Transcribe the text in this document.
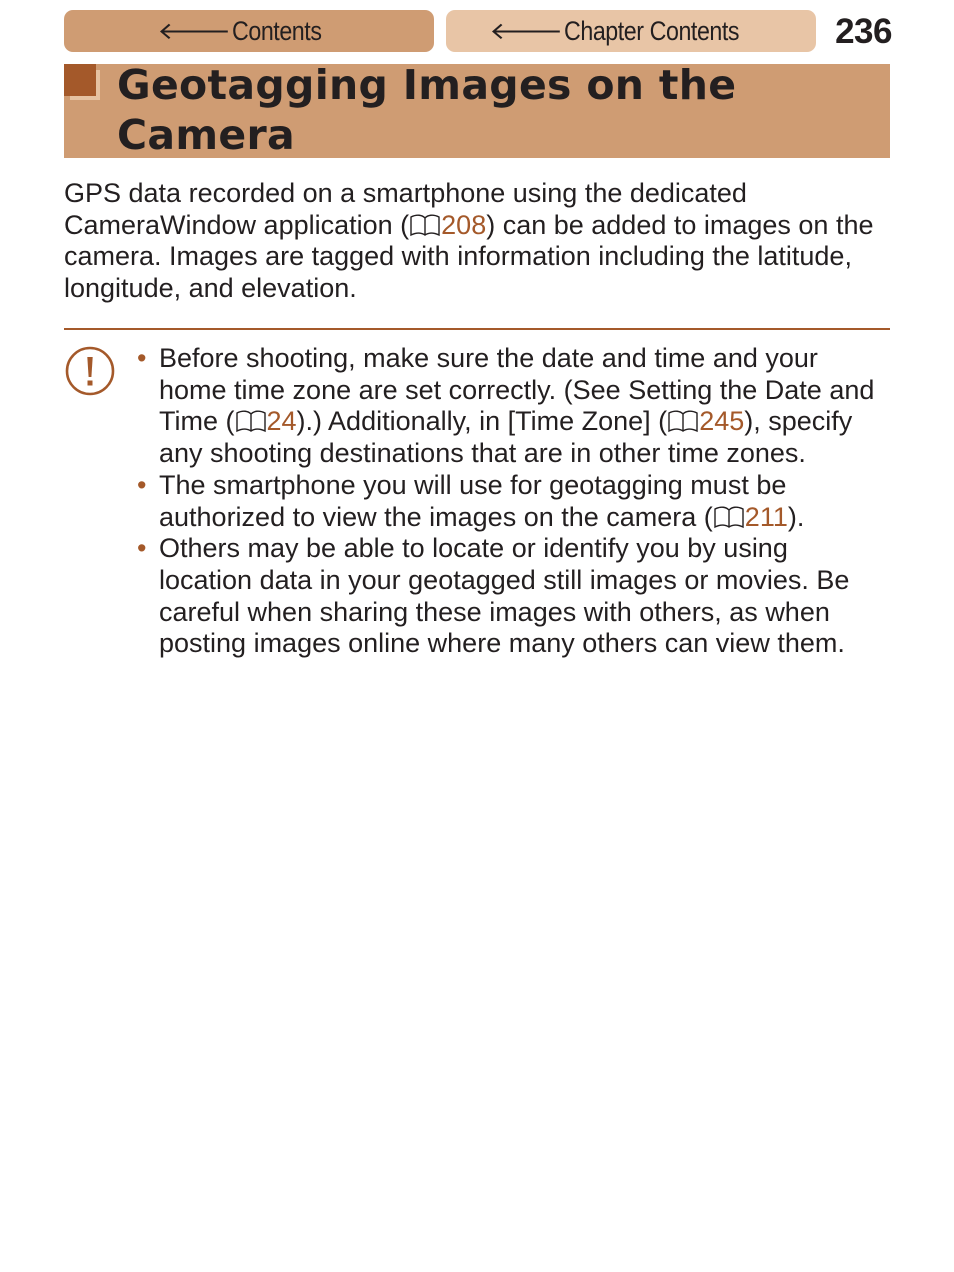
🡐 Contents	🡐 Chapter Contents	236
Geotagging Images on the
Camera
GPS data recorded on a smartphone using the dedicated CameraWindow application ( 208) can be added to images on the camera. Images are tagged with information including the latitude, longitude, and elevation.
• Before shooting, make sure the date and time and your home time zone are set correctly. (See Setting the Date and Time ( 24).) Additionally, in [Time Zone] ( 245), specify any shooting destinations that are in other time zones.
• The smartphone you will use for geotagging must be authorized to view the images on the camera ( 211).
• Others may be able to locate or identify you by using location data in your geotagged still images or movies. Be careful when sharing these images with others, as when posting images online where many others can view them.
